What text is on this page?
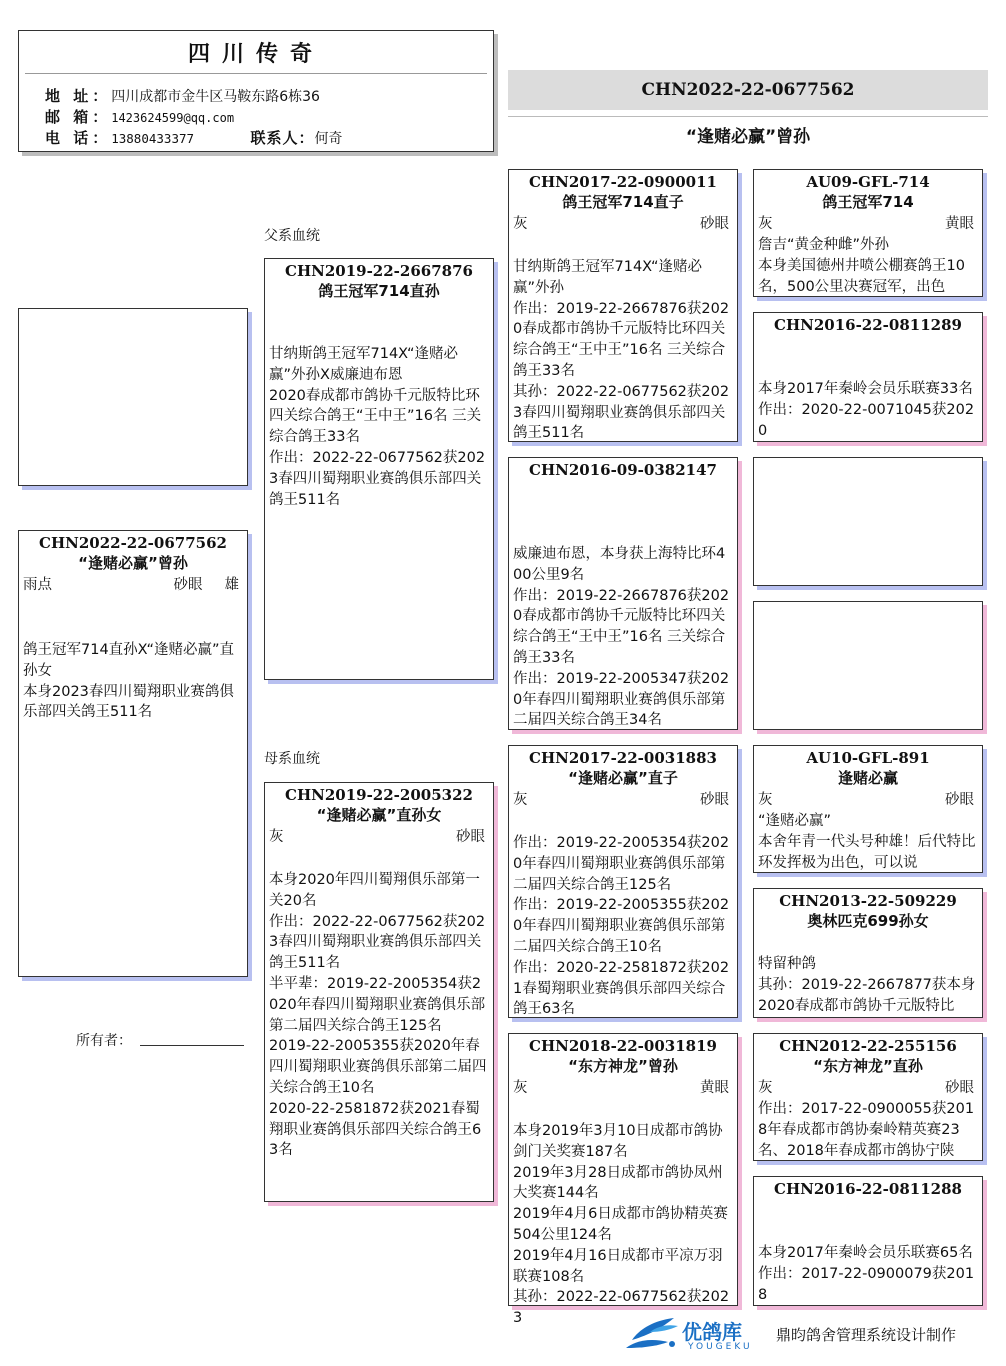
四川传奇
地 址：四川成都市金牛区马鞍东路6栋36
邮 箱：1423624599@qq.com
电 话：13880433377	联系人：何奇
CHN2022-22-0677562
“逢赌必赢”曾孙
CHN2022-22-0677562
“逢赌必赢”曾孙
雨点	砂眼 雄
鸽王冠军714直孙X“逢赌必赢”直孙女
本身2023春四川蜀翔职业赛鸽俱乐部四关鸽王511名
所有者：
父系血统
母系血统
CHN2019-22-2667876
鸽王冠军714直孙
甘纳斯鸽王冠军714X“逢赌必赢”外孙X威廉迪布恩
2020春成都市鸽协千元版特比环四关综合鸽王“王中王”16名 三关综合鸽王33名
作出：2022-22-0677562获2023春四川蜀翔职业赛鸽俱乐部四关鸽王511名
CHN2019-22-2005322
“逢赌必赢”直孙女
灰	砂眼
本身2020年四川蜀翔俱乐部第一关20名
作出：2022-22-0677562获2023春四川蜀翔职业赛鸽俱乐部四关鸽王511名
半平辈：2019-22-2005354获2020年春四川蜀翔职业赛鸽俱乐部第二届四关综合鸽王125名
2019-22-2005355获2020年春四川蜀翔职业赛鸽俱乐部第二届四关综合鸽王10名
2020-22-2581872获2021春蜀翔职业赛鸽俱乐部四关综合鸽王63名
CHN2017-22-0900011
鸽王冠军714直子
灰	砂眼
甘纳斯鸽王冠军714X“逢赌必赢”外孙
作出：2019-22-2667876获2020春成都市鸽协千元版特比环四关综合鸽王“王中王”16名 三关综合鸽王33名
其孙：2022-22-0677562获2023春四川蜀翔职业赛鸽俱乐部四关鸽王511名
CHN2016-09-0382147
威廉迪布恩，本身获上海特比环400公里9名
作出：2019-22-2667876获2020春成都市鸽协千元版特比环四关综合鸽王“王中王”16名 三关综合鸽王33名
作出：2019-22-2005347获2020年春四川蜀翔职业赛鸽俱乐部第二届四关综合鸽王34名
CHN2017-22-0031883
“逢赌必赢”直子
灰	砂眼
作出：2019-22-2005354获2020年春四川蜀翔职业赛鸽俱乐部第二届四关综合鸽王125名
作出：2019-22-2005355获2020年春四川蜀翔职业赛鸽俱乐部第二届四关综合鸽王10名
作出：2020-22-2581872获2021春蜀翔职业赛鸽俱乐部四关综合鸽王63名
CHN2018-22-0031819
“东方神龙”曾孙
灰	黄眼
本身2019年3月10日成都市鸽协剑门关奖赛187名
2019年3月28日成都市鸽协凤州大奖赛144名
2019年4月6日成都市鸽协精英赛504公里124名
2019年4月16日成都市平凉万羽联赛108名
其孙：2022-22-0677562获2023
AU09-GFL-714
鸽王冠军714
灰	黄眼
詹吉“黄金种雌”外孙
本身美国德州井喷公棚赛鸽王10名，500公里决赛冠军，出色
CHN2016-22-0811289
本身2017年秦岭会员乐联赛33名
作出：2020-22-0071045获2020
AU10-GFL-891
逢赌必赢
灰	砂眼
“逢赌必赢”
本舍年青一代头号种雄！后代特比环发挥极为出色，可以说
CHN2013-22-509229
奥林匹克699孙女
特留种鸽
其孙：2019-22-2667877获本身2020春成都市鸽协千元版特比
CHN2012-22-255156
“东方神龙”直孙
灰	砂眼
作出：2017-22-0900055获2018年春成都市鸽协秦岭精英赛23名、2018年春成都市鸽协宁陕
CHN2016-22-0811288
本身2017年秦岭会员乐联赛65名
作出：2017-22-0900079获2018
优鸽库
YOUGEKU
鼎昀鸽舍管理系统设计制作
